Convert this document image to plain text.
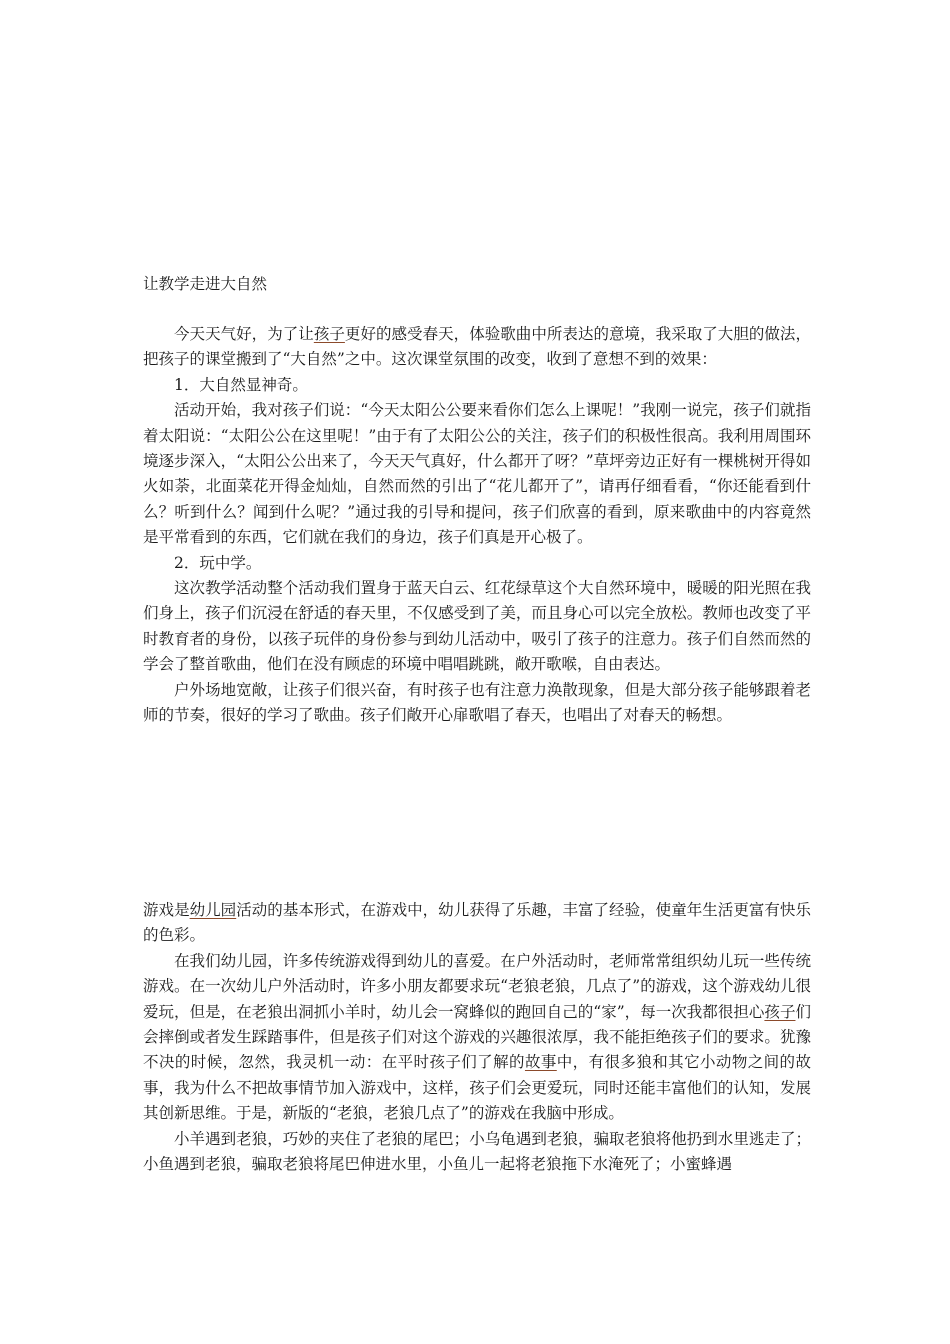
让教学走进大自然

今天天气好，为了让孩子更好的感受春天，体验歌曲中所表达的意境，我采取了大胆的做法，把孩子的课堂搬到了“大自然”之中。这次课堂氛围的改变，收到了意想不到的效果：

1．大自然显神奇。

活动开始，我对孩子们说：“今天太阳公公要来看你们怎么上课呢！”我刚一说完，孩子们就指着太阳说：“太阳公公在这里呢！”由于有了太阳公公的关注，孩子们的积极性很高。我利用周围环境逐步深入，“太阳公公出来了，今天天气真好，什么都开了呀？”草坪旁边正好有一棵桃树开得如火如荼，北面菜花开得金灿灿，自然而然的引出了“花儿都开了”，请再仔细看看，“你还能看到什么？听到什么？闻到什么呢？”通过我的引导和提问，孩子们欣喜的看到，原来歌曲中的内容竟然是平常看到的东西，它们就在我们的身边，孩子们真是开心极了。

2．玩中学。

这次教学活动整个活动我们置身于蓝天白云、红花绿草这个大自然环境中，暖暖的阳光照在我们身上，孩子们沉浸在舒适的春天里，不仅感受到了美，而且身心可以完全放松。教师也改变了平时教育者的身份，以孩子玩伴的身份参与到幼儿活动中，吸引了孩子的注意力。孩子们自然而然的学会了整首歌曲，他们在没有顾虑的环境中唱唱跳跳，敞开歌喉，自由表达。

户外场地宽敞，让孩子们很兴奋，有时孩子也有注意力涣散现象，但是大部分孩子能够跟着老师的节奏，很好的学习了歌曲。孩子们敞开心扉歌唱了春天，也唱出了对春天的畅想。

游戏是幼儿园活动的基本形式，在游戏中，幼儿获得了乐趣，丰富了经验，使童年生活更富有快乐的色彩。

在我们幼儿园，许多传统游戏得到幼儿的喜爱。在户外活动时，老师常常组织幼儿玩一些传统游戏。在一次幼儿户外活动时，许多小朋友都要求玩“老狼老狼，几点了”的游戏，这个游戏幼儿很爱玩，但是，在老狼出洞抓小羊时，幼儿会一窝蜂似的跑回自己的“家”，每一次我都很担心孩子们会摔倒或者发生踩踏事件，但是孩子们对这个游戏的兴趣很浓厚，我不能拒绝孩子们的要求。犹豫不决的时候，忽然，我灵机一动：在平时孩子们了解的故事中，有很多狼和其它小动物之间的故事，我为什么不把故事情节加入游戏中，这样，孩子们会更爱玩，同时还能丰富他们的认知，发展其创新思维。于是，新版的“老狼，老狼几点了”的游戏在我脑中形成。

小羊遇到老狼，巧妙的夹住了老狼的尾巴；小乌龟遇到老狼，骗取老狼将他扔到水里逃走了；小鱼遇到老狼，骗取老狼将尾巴伸进水里，小鱼儿一起将老狼拖下水淹死了；小蜜蜂遇
